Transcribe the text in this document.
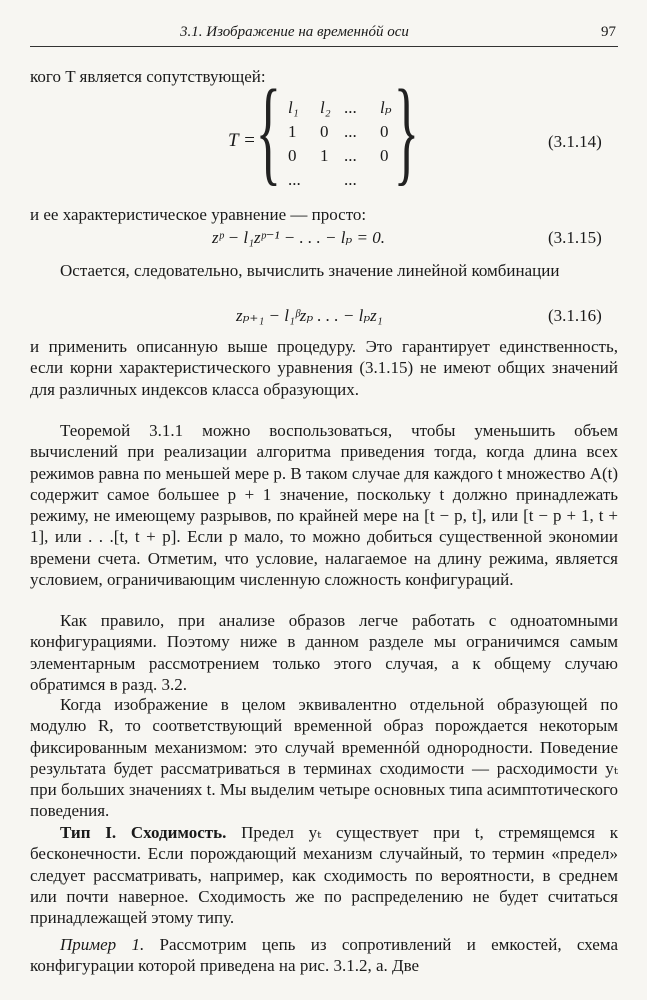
3.1. Изображение на временнóй оси	97
кого T является сопутствующей:
T = { }
l₁ l₂ ... lₚ
1 0 ... 0
0 1 ... 0
...	...
(3.1.14)
и ее характеристическое уравнение — просто:
zᵖ − l₁zᵖ⁻¹ − . . . − lₚ = 0.	(3.1.15)
Остается, следовательно, вычислить значение линейной комбинации
zₚ₊₁ − l₁ᵝzₚ . . . − lₚz₁	(3.1.16)
и применить описанную выше процедуру. Это гарантирует единственность, если корни характеристического уравнения (3.1.15) не имеют общих значений для различных индексов класса образующих.
Теоремой 3.1.1 можно воспользоваться, чтобы уменьшить объем вычислений при реализации алгоритма приведения тогда, когда длина всех режимов равна по меньшей мере p. В таком случае для каждого t множество A(t) содержит самое большее p + 1 значение, поскольку t должно принадлежать режиму, не имеющему разрывов, по крайней мере на [t − p, t], или [t − p + 1, t + 1], или . . .[t, t + p]. Если p мало, то можно добиться существенной экономии времени счета. Отметим, что условие, налагаемое на длину режима, является условием, ограничивающим численную сложность конфигураций.
Как правило, при анализе образов легче работать с одноатомными конфигурациями. Поэтому ниже в данном разделе мы ограничимся самым элементарным рассмотрением только этого случая, а к общему случаю обратимся в разд. 3.2.
Когда изображение в целом эквивалентно отдельной образующей по модулю R, то соответствующий временной образ порождается некоторым фиксированным механизмом: это случай временнóй однородности. Поведение результата будет рассматриваться в терминах сходимости — расходимости yₜ при больших значениях t. Мы выделим четыре основных типа асимптотического поведения.
Тип I. Сходимость. Предел yₜ существует при t, стремящемся к бесконечности. Если порождающий механизм случайный, то термин «предел» следует рассматривать, например, как сходимость по вероятности, в среднем или почти наверное. Сходимость же по распределению не будет считаться принадлежащей этому типу.
Пример 1. Рассмотрим цепь из сопротивлений и емкостей, схема конфигурации которой приведена на рис. 3.1.2, а. Две
